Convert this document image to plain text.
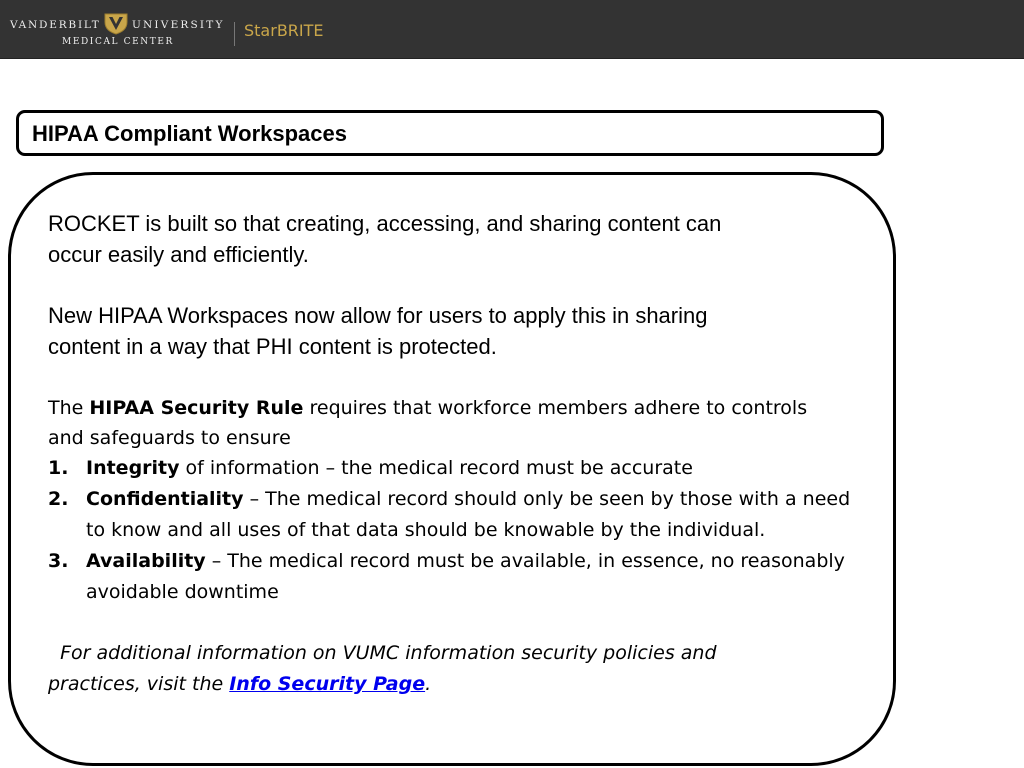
VANDERBILT	UNIVERSITY
MEDICAL CENTER
StarBRITE
HIPAA Compliant Workspaces
ROCKET is built so that creating, accessing, and sharing content can
occur easily and efficiently.
New HIPAA Workspaces now allow for users to apply this in sharing
content in a way that PHI content is protected.
The HIPAA Security Rule requires that workforce members adhere to controls
and safeguards to ensure
1. Integrity of information – the medical record must be accurate
2. Confidentiality – The medical record should only be seen by those with a need to know and all uses of that data should be knowable by the individual.
3. Availability – The medical record must be available, in essence, no reasonably avoidable downtime

For additional information on VUMC information security policies and practices, visit the Info Security Page.
